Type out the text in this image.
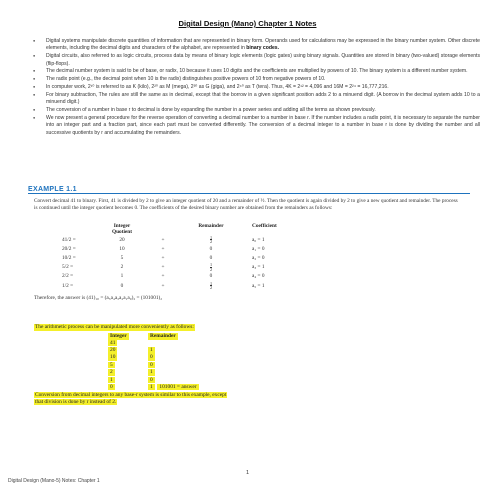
Digital Design (Mano) Chapter 1 Notes
● Digital systems manipulate discrete quantities of information that are represented in binary form. Operands used for calculations may be expressed in the binary number system. Other discrete elements, including the decimal digits and characters of the alphabet, are represented in binary codes.
● Digital circuits, also referred to as logic circuits, process data by means of binary logic elements (logic gates) using binary signals. Quantities are stored in binary (two-valued) storage elements (flip-flops).
● The decimal number system is said to be of base, or radix, 10 because it uses 10 digits and the coefficients are multiplied by powers of 10. The binary system is a different number system.
● The radix point (e.g., the decimal point when 10 is the radix) distinguishes positive powers of 10 from negative powers of 10.
● In computer work, 2¹⁰ is referred to as K (kilo), 2²⁰ as M (mega), 2³⁰ as G (giga), and 2⁴⁰ as T (tera). Thus, 4K = 2¹² = 4,096 and 16M = 2²⁴ = 16,777,216.
● For binary subtraction, The rules are still the same as in decimal, except that the borrow in a given significant position adds 2 to a minuend digit. (A borrow in the decimal system adds 10 to a minuend digit.)
● The conversion of a number in base r to decimal is done by expanding the number in a power series and adding all the terms as shown previously.
● We now present a general procedure for the reverse operation of converting a decimal number to a number in base r. If the number includes a radix point, it is necessary to separate the number into an integer part and a fraction part, since each part must be converted differently. The conversion of a decimal integer to a number in base r is done by dividing the number and all successive quotients by r and accumulating the remainders.
EXAMPLE 1.1
Convert decimal 41 to binary. First, 41 is divided by 2 to give an integer quotient of 20 and a remainder of ½. Then the quotient is again divided by 2 to give a new quotient and remainder. The process is continued until the integer quotient becomes 0. The coefficients of the desired binary number are obtained from the remainders as follows:
	Integer
Quotient		Remainder	Coefficient
41/2 =	20	+	$\frac{1}{2}$	a₀ = 1
20/2 =	10	+	0	a₁ = 0
10/2 =	5	+	0	a₂ = 0
5/2 =	2	+	$\frac{1}{2}$	a₃ = 1
2/2 =	1	+	0	a₄ = 0
1/2 =	0	+	$\frac{1}{2}$	a₅ = 1
Therefore, the answer is (41)₁₀ = (a₅a₄a₃a₂a₁a₀)₂ = (101001)₂
The arithmetic process can be manipulated more conveniently as follows:
Integer	Remainder
41	
20	1
10	0
5	0
2	1
1	0
0	1 101001 = answer
Conversion from decimal integers to any base-r system is similar to this example, except
that division is done by r instead of 2.
1
Digital Design (Mano-5) Notes: Chapter 1
